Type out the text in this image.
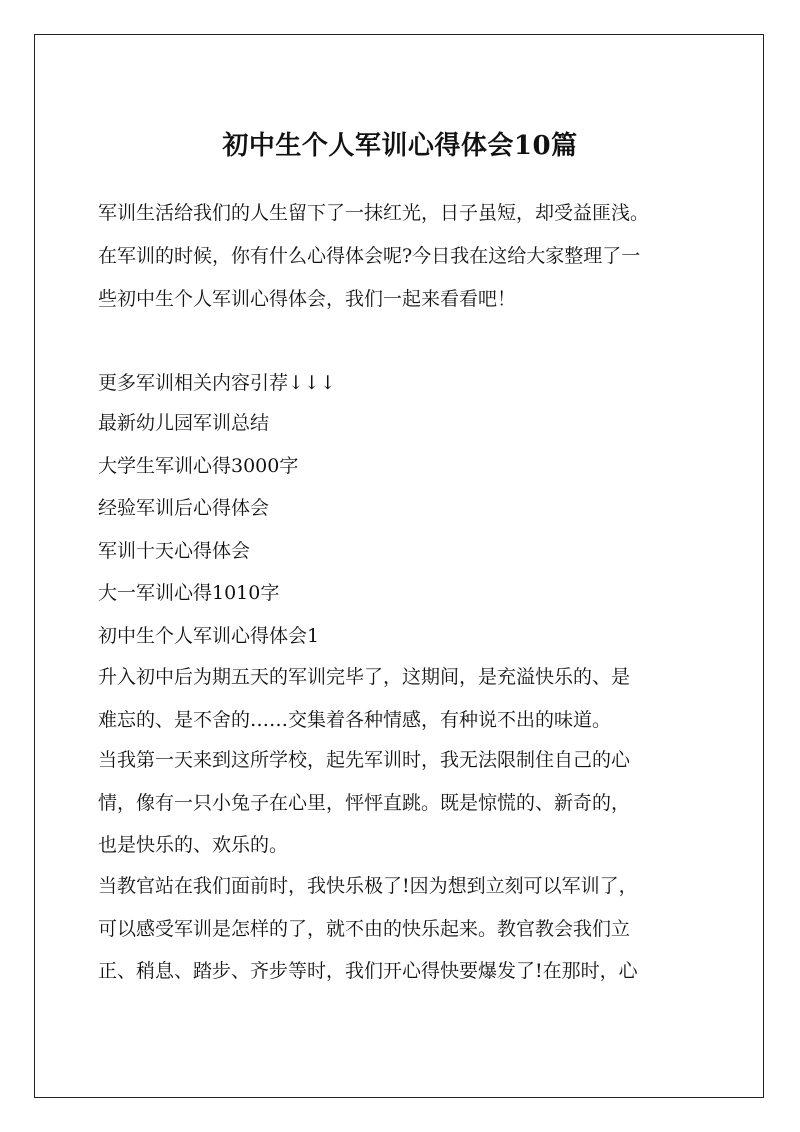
初中生个人军训心得体会10篇
军训生活给我们的人生留下了一抹红光，日子虽短，却受益匪浅。
在军训的时候，你有什么心得体会呢?今日我在这给大家整理了一
些初中生个人军训心得体会，我们一起来看看吧！
更多军训相关内容引荐↓↓↓
最新幼儿园军训总结
大学生军训心得3000字
经验军训后心得体会
军训十天心得体会
大一军训心得1010字
初中生个人军训心得体会1
升入初中后为期五天的军训完毕了，这期间，是充溢快乐的、是
难忘的、是不舍的……交集着各种情感，有种说不出的味道。
当我第一天来到这所学校，起先军训时，我无法限制住自己的心
情，像有一只小兔子在心里，怦怦直跳。既是惊慌的、新奇的，
也是快乐的、欢乐的。
当教官站在我们面前时，我快乐极了!因为想到立刻可以军训了，
可以感受军训是怎样的了，就不由的快乐起来。教官教会我们立
正、稍息、踏步、齐步等时，我们开心得快要爆发了!在那时，心
